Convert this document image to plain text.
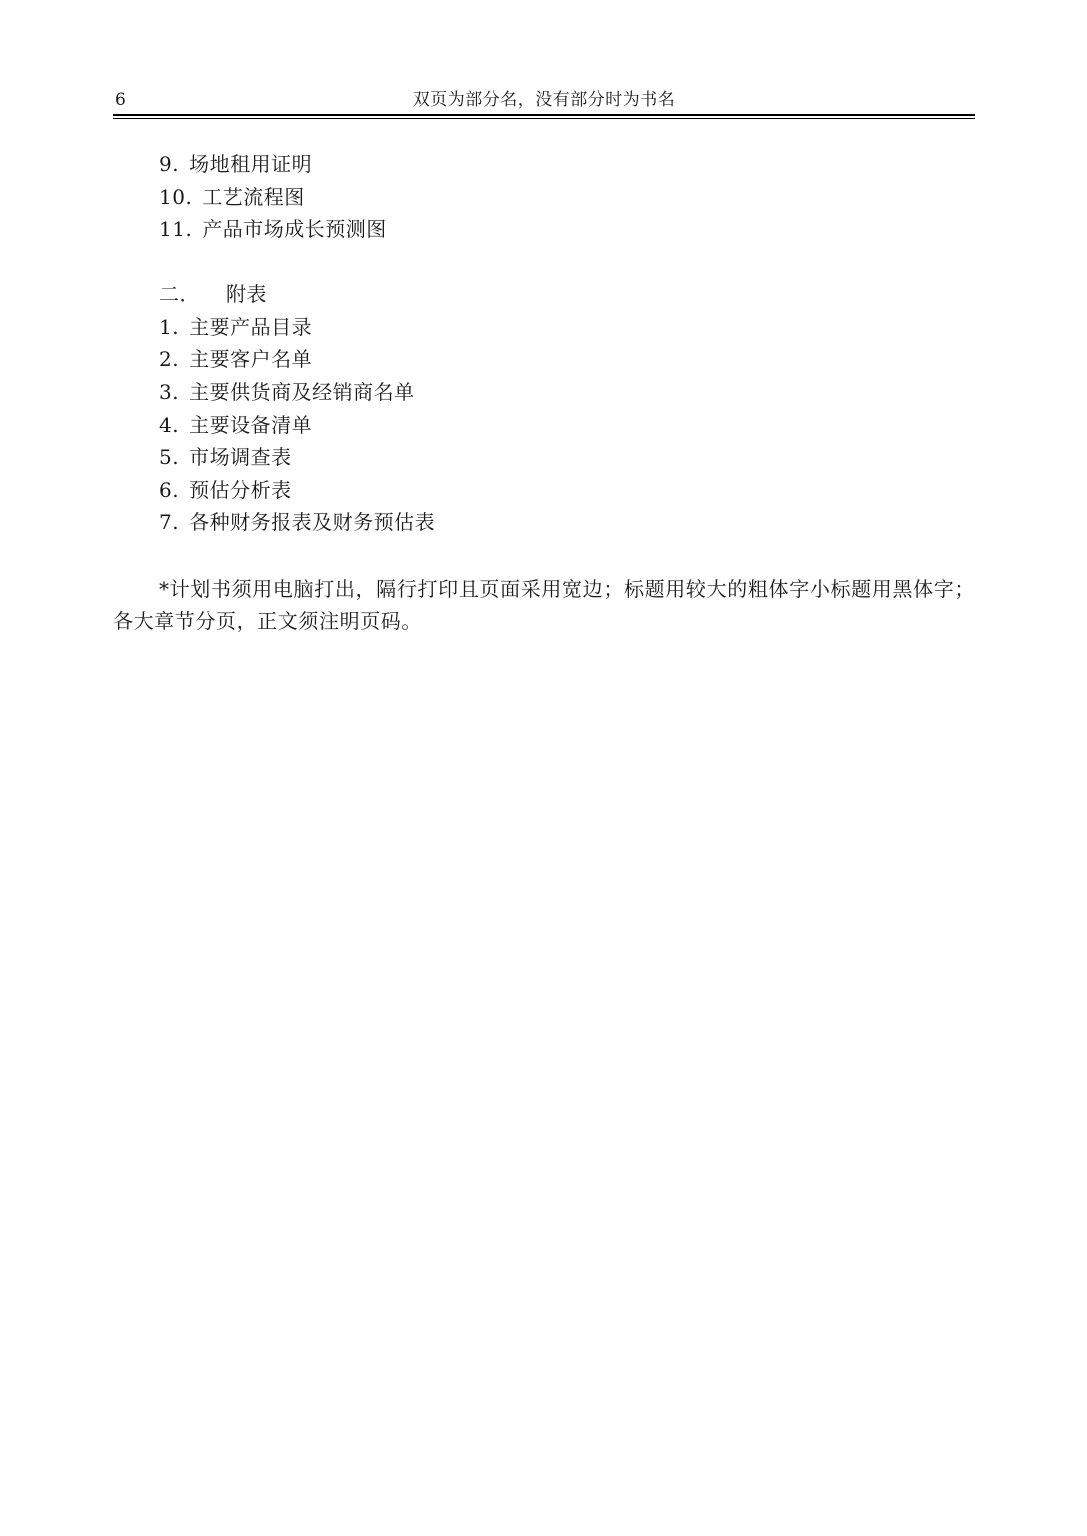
6	双页为部分名，没有部分时为书名
9. 场地租用证明
10. 工艺流程图
11. 产品市场成长预测图
二． 附表
1. 主要产品目录
2. 主要客户名单
3. 主要供货商及经销商名单
4. 主要设备清单
5. 市场调查表
6. 预估分析表
7. 各种财务报表及财务预估表

*计划书须用电脑打出，隔行打印且页面采用宽边；标题用较大的粗体字小标题用黑体字；各大章节分页，正文须注明页码。
